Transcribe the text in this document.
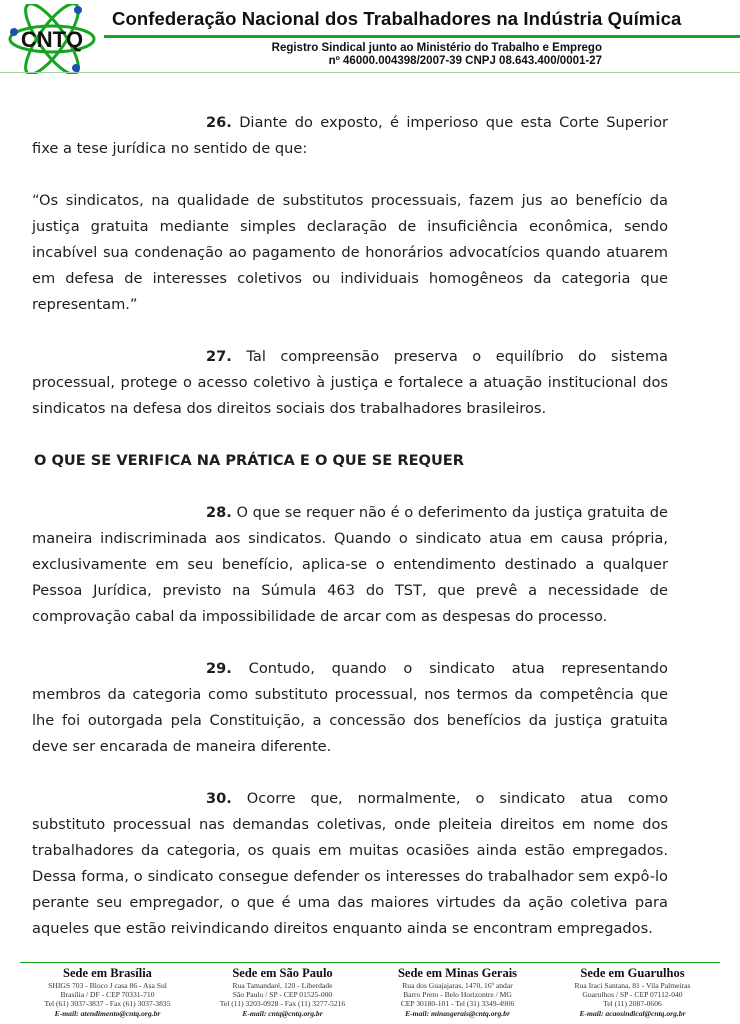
CNTQ
Confederação Nacional dos Trabalhadores na Indústria Química
Registro Sindical junto ao Ministério do Trabalho e Emprego
nº 46000.004398/2007-39 CNPJ 08.643.400/0001-27

26. Diante do exposto, é imperioso que esta Corte Superior fixe a tese jurídica no sentido de que:

“Os sindicatos, na qualidade de substitutos processuais, fazem jus ao benefício da justiça gratuita mediante simples declaração de insuficiência econômica, sendo incabível sua condenação ao pagamento de honorários advocatícios quando atuarem em defesa de interesses coletivos ou individuais homogêneos da categoria que representam.”

27. Tal compreensão preserva o equilíbrio do sistema processual, protege o acesso coletivo à justiça e fortalece a atuação institucional dos sindicatos na defesa dos direitos sociais dos trabalhadores brasileiros.

O QUE SE VERIFICA NA PRÁTICA E O QUE SE REQUER

28. O que se requer não é o deferimento da justiça gratuita de maneira indiscriminada aos sindicatos. Quando o sindicato atua em causa própria, exclusivamente em seu benefício, aplica-se o entendimento destinado a qualquer Pessoa Jurídica, previsto na Súmula 463 do TST, que prevê a necessidade de comprovação cabal da impossibilidade de arcar com as despesas do processo.

29. Contudo, quando o sindicato atua representando membros da categoria como substituto processual, nos termos da competência que lhe foi outorgada pela Constituição, a concessão dos benefícios da justiça gratuita deve ser encarada de maneira diferente.

30. Ocorre que, normalmente, o sindicato atua como substituto processual nas demandas coletivas, onde pleiteia direitos em nome dos trabalhadores da categoria, os quais em muitas ocasiões ainda estão empregados. Dessa forma, o sindicato consegue defender os interesses do trabalhador sem expô-lo perante seu empregador, o que é uma das maiores virtudes da ação coletiva para aqueles que estão reivindicando direitos enquanto ainda se encontram empregados.

Sede em Brasília
SHIGS 703 - Bloco J casa 86 - Asa Sul
Brasília / DF - CEP 70331-710
Tel (61) 3037-3837 - Fax (61) 3037-3835
E-mail: atendimento@cntq.org.br
Sede em São Paulo
Rua Tamandaré, 120 - Liberdade
São Paulo / SP - CEP 01525-000
Tel (11) 3203-0928 - Fax (11) 3277-5216
E-mail: cntq@cntq.org.br
Sede em Minas Gerais
Rua dos Guajajaras, 1470, 16º andar
Barro Preto - Belo Horizontre / MG
CEP 30180-101 - Tel (31) 3349-4906
E-mail: minasgerais@cntq.org.br
Sede em Guarulhos
Rua Iraci Santana, 81 - Vila Palmeiras
Guarulhos / SP - CEP 07112-040
Tel (11) 2087-0606
E-mail: acaosindical@cntq.org.br
